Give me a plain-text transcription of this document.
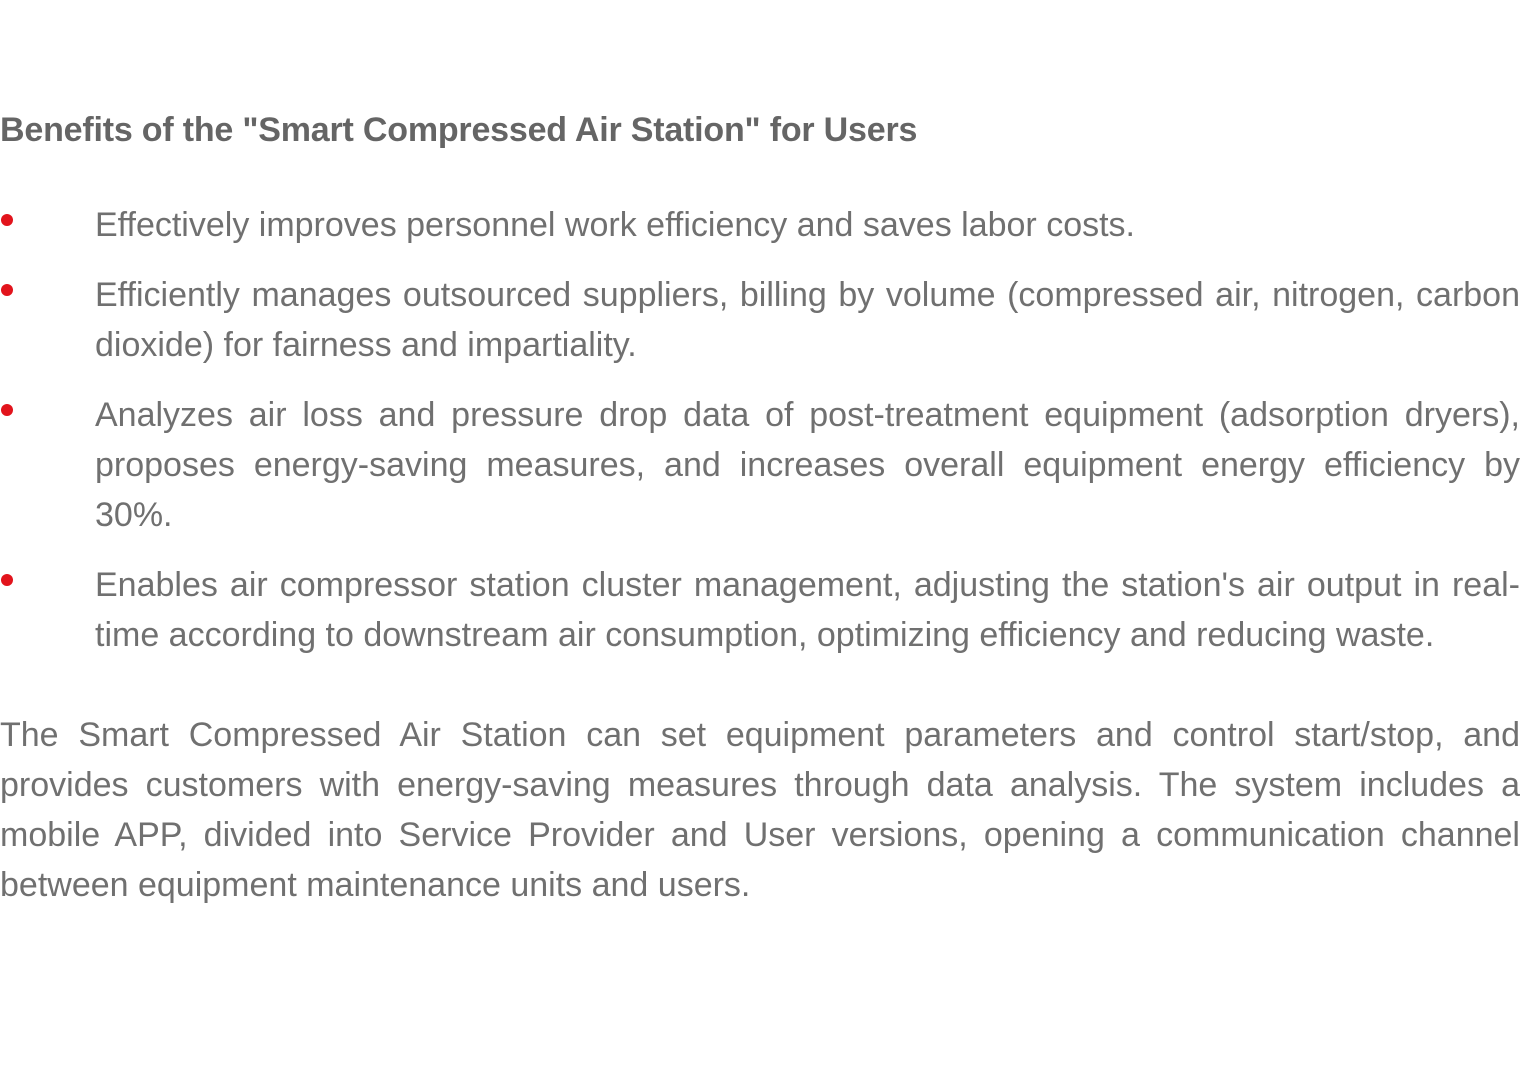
Benefits of the "Smart Compressed Air Station" for Users
Effectively improves personnel work efficiency and saves labor costs.
Efficiently manages outsourced suppliers, billing by volume (compressed air, nitrogen, carbon dioxide) for fairness and impartiality.
Analyzes air loss and pressure drop data of post-treatment equipment (adsorption dryers), proposes energy-saving measures, and increases overall equipment energy efficiency by 30%.
Enables air compressor station cluster management, adjusting the station's air output in real-time according to downstream air consumption, optimizing efficiency and reducing waste.

The Smart Compressed Air Station can set equipment parameters and control start/stop, and provides customers with energy-saving measures through data analysis. The system includes a mobile APP, divided into Service Provider and User versions, opening a communication channel between equipment maintenance units and users.
